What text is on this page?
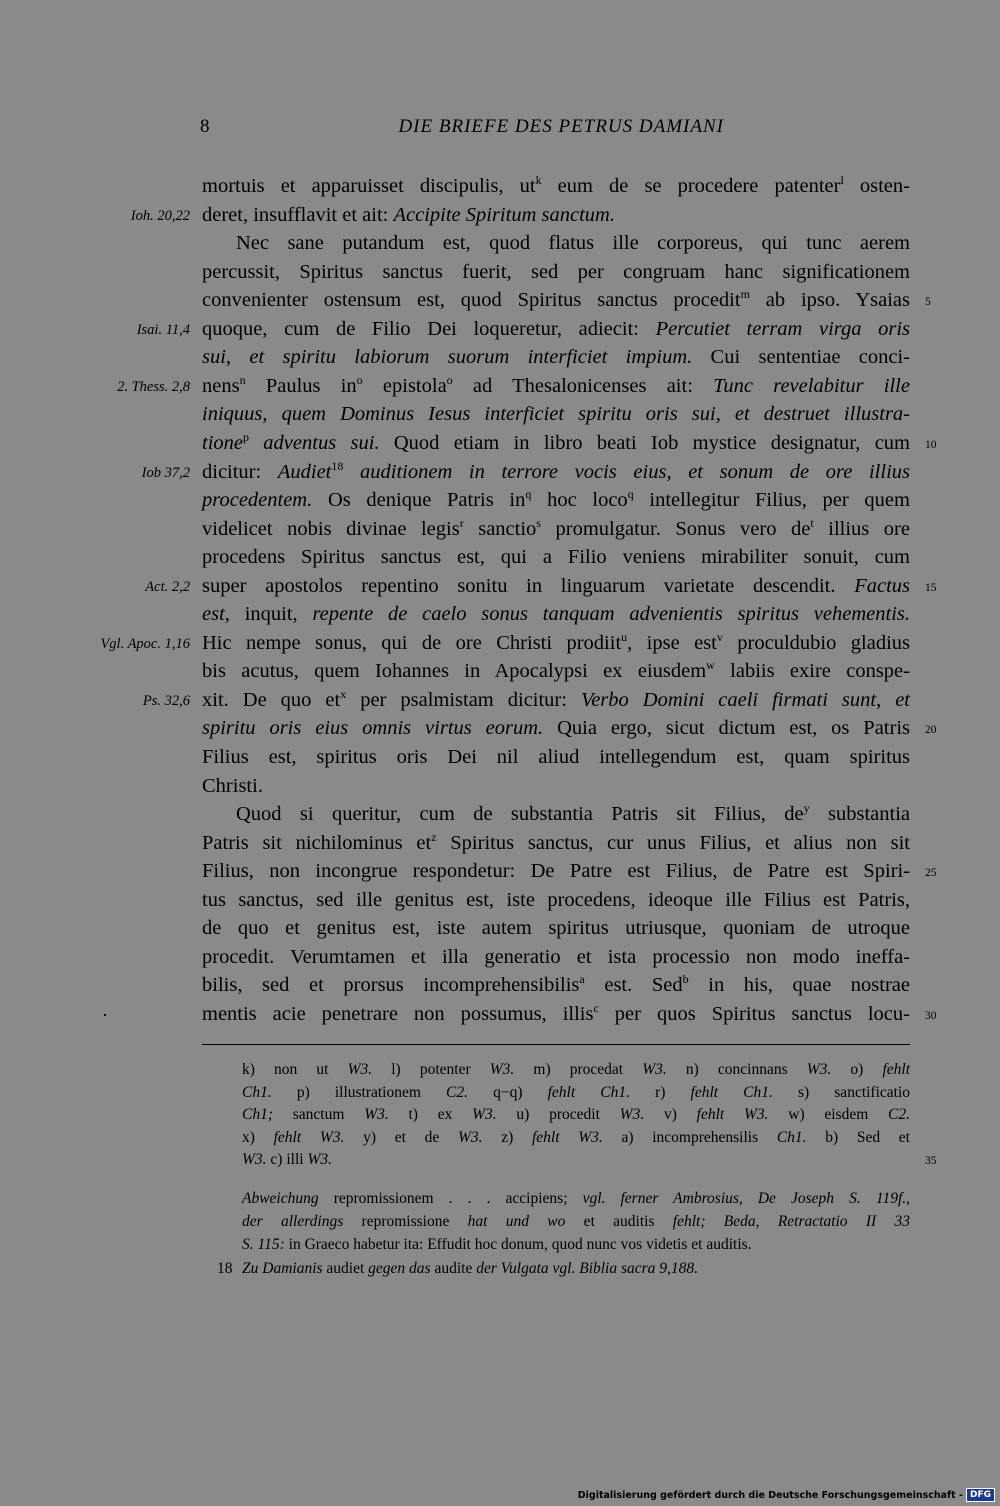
8	DIE BRIEFE DES PETRUS DAMIANI
mortuis et apparuisset discipulis, $ut^k$ eum de se procedere patenter$^l$ osten-
deret, insufflavit et ait: Accipite Spiritum sanctum.
Ioh. 20,22
Nec sane putandum est, quod flatus ille corporeus, qui tunc aerem
percussit, Spiritus sanctus fuerit, sed per congruam hanc significationem
convenienter ostensum est, quod Spiritus sanctus procedit$^m$ ab ipso. Ysaias 5
quoque, cum de Filio Dei loqueretur, adiecit: Percutiet terram virga oris
Isai. 11,4
sui, et spiritu labiorum suorum interficiet impium. Cui sententiae conci-
nens$^n$ Paulus $in^o$ epistola$^o$ ad Thesalonicenses ait: Tunc revelabitur ille
2. Thess. 2,8
iniquus, quem Dominus Iesus interficiet spiritu oris sui, et destruet illustra-
tione$^p$ adventus sui. Quod etiam in libro beati Iob mystice designatur, cum 10
dicitur: Audiet$^{18}$ auditionem in terrore vocis eius, et sonum de ore illius
Iob 37,2
procedentem. Os denique Patris $in^q$ hoc loco$^q$ intellegitur Filius, per quem
videlicet nobis divinae legis$^r$ sanctio$^s$ promulgatur. Sonus vero $de^t$ illius ore
procedens Spiritus sanctus est, qui a Filio veniens mirabiliter sonuit, cum
super apostolos repentino sonitu in linguarum varietate descendit. Factus
Act. 2,2	15
est, inquit, repente de caelo sonus tanquam advenientis spiritus vehementis.
Hic nempe sonus, qui de ore Christi prodiit$^u$, ipse est$^v$ proculdubio gladius
Vgl. Apoc. 1,16
bis acutus, quem Iohannes in Apocalypsi ex eiusdem$^w$ labiis exire conspe-
xit. De quo $et^x$ per psalmistam dicitur: Verbo Domini caeli firmati sunt, et
Ps. 32,6
spiritu oris eius omnis virtus eorum. Quia ergo, sicut dictum est, os Patris 20
Filius est, spiritus oris Dei nil aliud intellegendum est, quam spiritus
Christi.
Quod si queritur, cum de substantia Patris sit Filius, $de^y$ substantia
Patris sit nichilominus $et^z$ Spiritus sanctus, cur unus Filius, et alius non sit
Filius, non incongrue respondetur: De Patre est Filius, de Patre est Spiri- 25
tus sanctus, sed ille genitus est, iste procedens, ideoque ille Filius est Patris,
de quo et genitus est, iste autem spiritus utriusque, quoniam de utroque
procedit. Verumtamen et illa generatio et ista processio non modo ineffa-
bilis, sed et prorsus incomprehensibilis$^a$ est. Sed$^b$ in his, quae nostrae
mentis acie penetrare non possumus, illis$^c$ per quos Spiritus sanctus locu- 30
k) non ut W3. l) potenter W3. m) procedat W3. n) concinnans W3. o) fehlt
Ch1. p) illustrationem C2. q−q) fehlt Ch1. r) fehlt Ch1. s) sanctificatio
Ch1; sanctum W3. t) ex W3. u) procedit W3. v) fehlt W3. w) eisdem C2.
x) fehlt W3. y) et de W3. z) fehlt W3. a) incomprehensilis Ch1. b) Sed et
W3. c) illi W3.	35
Abweichung repromissionem . . . accipiens; vgl. ferner Ambrosius, De Joseph S. 119f.,
der allerdings repromissione hat und wo et auditis fehlt; Beda, Retractatio II 33
S. 115: in Graeco habetur ita: Effudit hoc donum, quod nunc vos videtis et auditis.
Zu Damianis audiet gegen das audite der Vulgata vgl. Biblia sacra 9,188.
18
Digitalisierung gefördert durch die Deutsche Forschungsgemeinschaft - DFG
